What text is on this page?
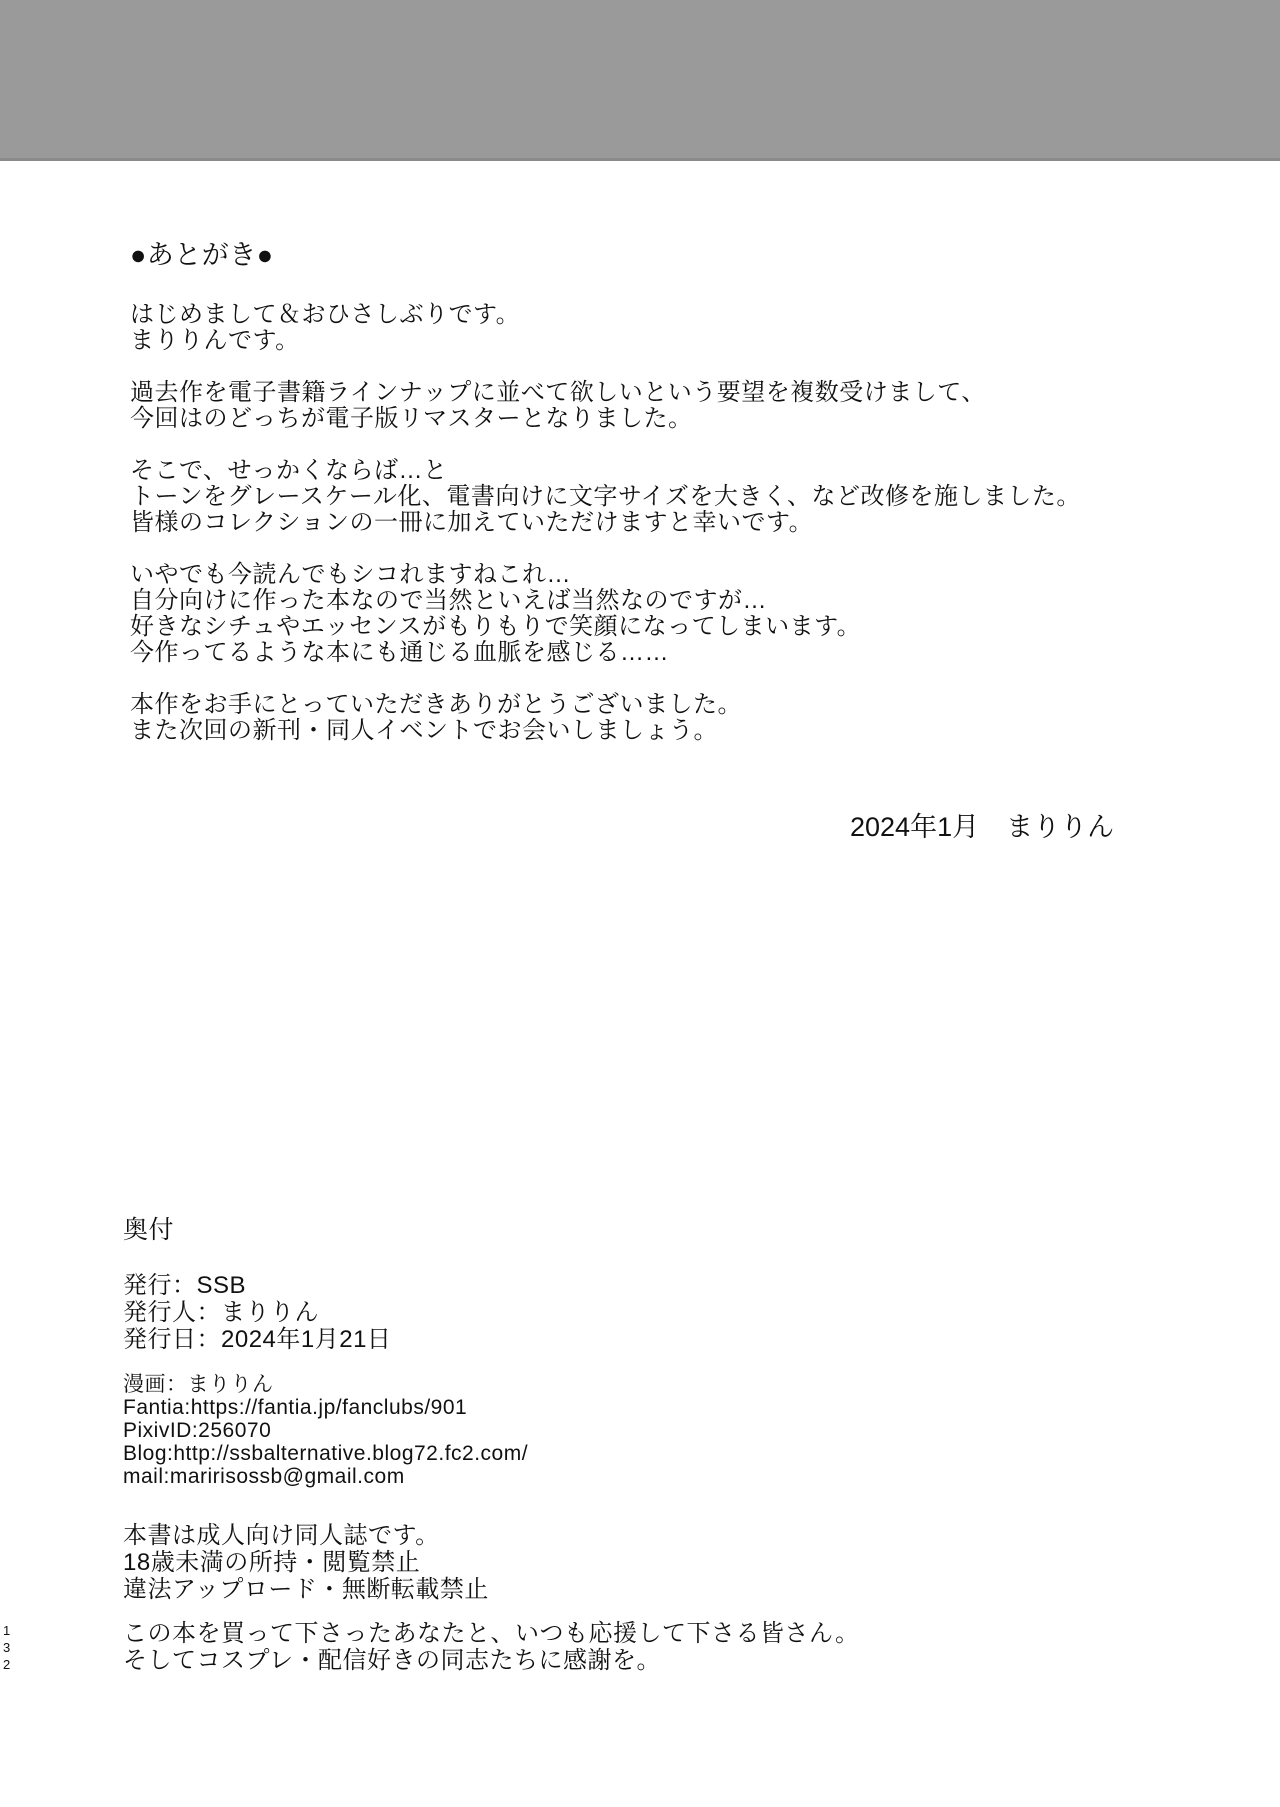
●あとがき●

はじめまして＆おひさしぶりです。
まりりんです。

過去作を電子書籍ラインナップに並べて欲しいという要望を複数受けまして、
今回はのどっちが電子版リマスターとなりました。

そこで、せっかくならば…と
トーンをグレースケール化、電書向けに文字サイズを大きく、など改修を施しました。
皆様のコレクションの一冊に加えていただけますと幸いです。

いやでも今読んでもシコれますねこれ…
自分向けに作った本なので当然といえば当然なのですが…
好きなシチュやエッセンスがもりもりで笑顔になってしまいます。
今作ってるような本にも通じる血脈を感じる……

本作をお手にとっていただきありがとうございました。
また次回の新刊・同人イベントでお会いしましょう。

2024年1月　まりりん
奥付
発行：SSB
発行人：まりりん
発行日：2024年1月21日
漫画：まりりん
Fantia:https://fantia.jp/fanclubs/901
PixivID:256070
Blog:http://ssbalternative.blog72.fc2.com/
mail:maririsossb@gmail.com
本書は成人向け同人誌です。
18歳未満の所持・閲覧禁止
違法アップロード・無断転載禁止
この本を買って下さったあなたと、いつも応援して下さる皆さん。
そしてコスプレ・配信好きの同志たちに感謝を。
1
3
2
